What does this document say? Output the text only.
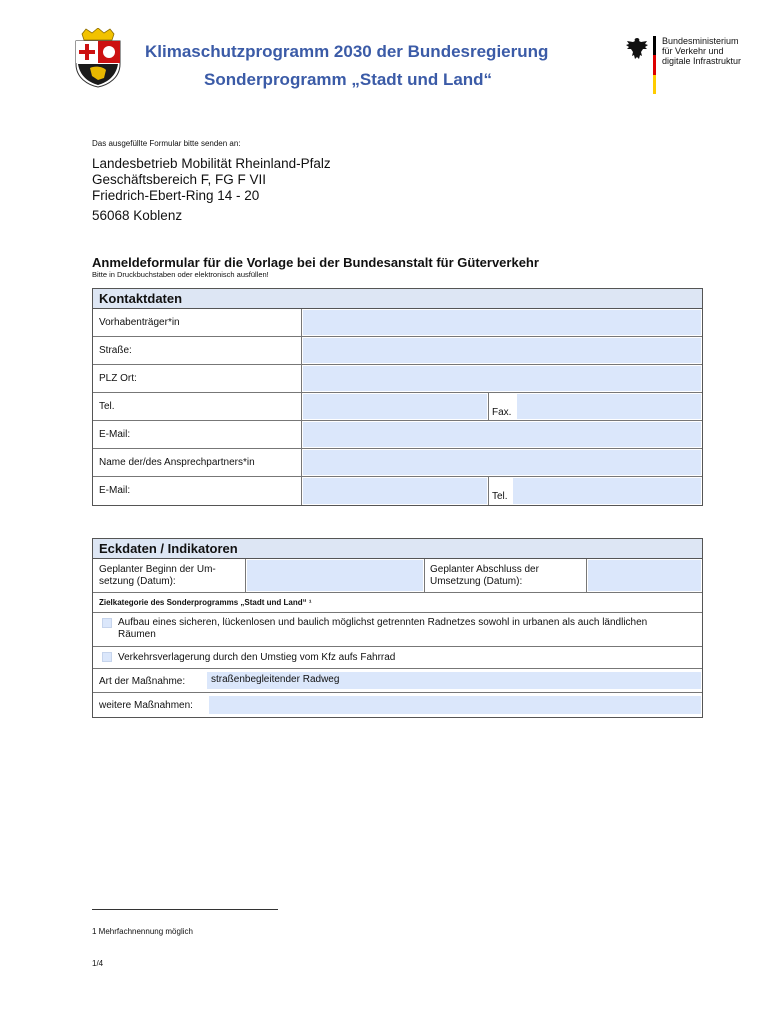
Klimaschutzprogramm 2030 der Bundesregierung
Sonderprogramm „Stadt und Land“
Bundesministerium
für Verkehr und
digitale Infrastruktur
Das ausgefüllte Formular bitte senden an:
Landesbetrieb Mobilität Rheinland-Pfalz
Geschäftsbereich F, FG F VII
Friedrich-Ebert-Ring 14 - 20
56068 Koblenz
Anmeldeformular für die Vorlage bei der Bundesanstalt für Güterverkehr
Bitte in Druckbuchstaben oder elektronisch ausfüllen!
Kontaktdaten
Vorhabenträger*in
Straße:
PLZ Ort:
Tel.
Fax.
E-Mail:
Name der/des Ansprechpartners*in
E-Mail:
Tel.
Eckdaten / Indikatoren
Geplanter Beginn der Um-setzung (Datum):
Geplanter Abschluss der Umsetzung (Datum):
Zielkategorie des Sonderprogramms „Stadt und Land“ ¹
Aufbau eines sicheren, lückenlosen und baulich möglichst getrennten Radnetzes sowohl in urbanen als auch ländlichen Räumen
Verkehrsverlagerung durch den Umstieg vom Kfz aufs Fahrrad
Art der Maßnahme:	straßenbegleitender Radweg
weitere Maßnahmen:
1 Mehrfachnennung möglich
1/4
